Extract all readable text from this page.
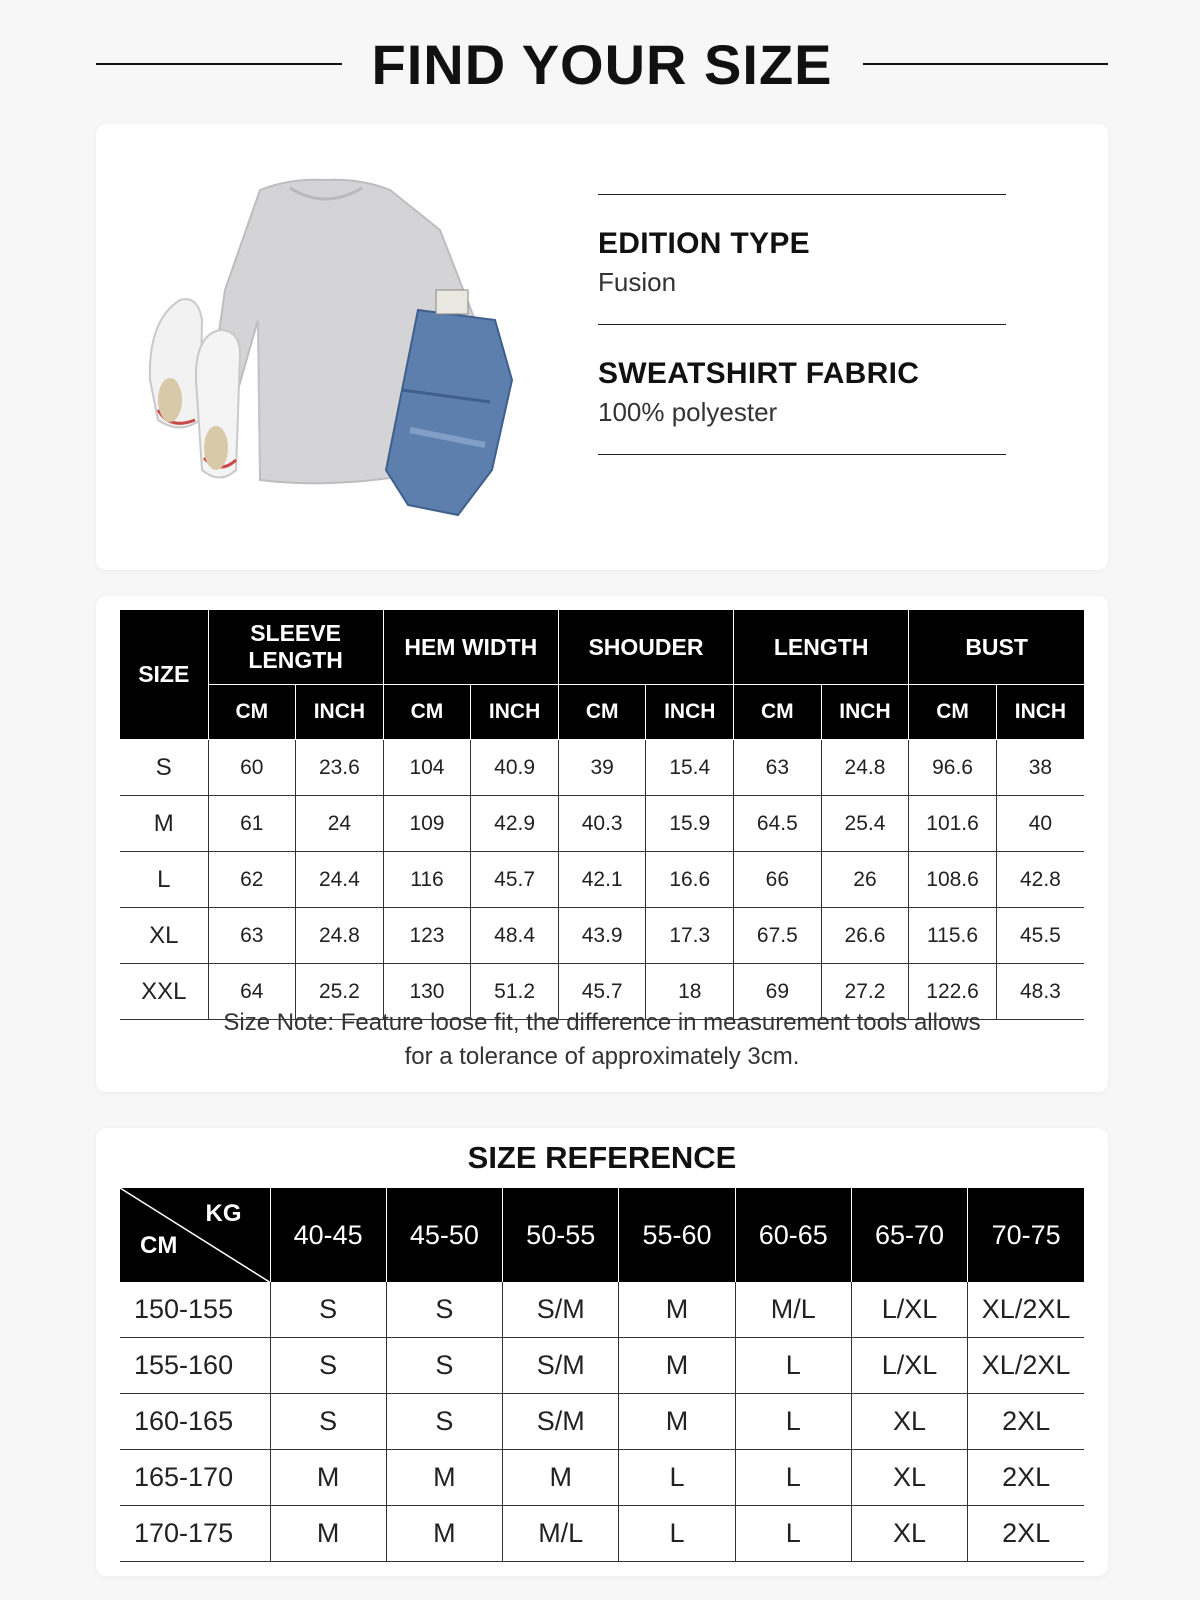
FIND YOUR SIZE
EDITION TYPE
Fusion
SWEATSHIRT FABRIC
100% polyester
SIZE	SLEEVE LENGTH		HEM WIDTH		SHOUDER		LENGTH		BUST	
	CM	INCH	CM	INCH	CM	INCH	CM	INCH	CM	INCH
S	60	23.6	104	40.9	39	15.4	63	24.8	96.6	38
M	61	24	109	42.9	40.3	15.9	64.5	25.4	101.6	40
L	62	24.4	116	45.7	42.1	16.6	66	26	108.6	42.8
XL	63	24.8	123	48.4	43.9	17.3	67.5	26.6	115.6	45.5
XXL	64	25.2	130	51.2	45.7	18	69	27.2	122.6	48.3
Size Note: Feature loose fit, the difference in measurement tools allows
for a tolerance of approximately 3cm.
SIZE REFERENCE
KG
CM	40-45	45-50	50-55	55-60	60-65	65-70	70-75
150-155	S	S	S/M	M	M/L	L/XL	XL/2XL
155-160	S	S	S/M	M	L	L/XL	XL/2XL
160-165	S	S	S/M	M	L	XL	2XL
165-170	M	M	M	L	L	XL	2XL
170-175	M	M	M/L	L	L	XL	2XL
